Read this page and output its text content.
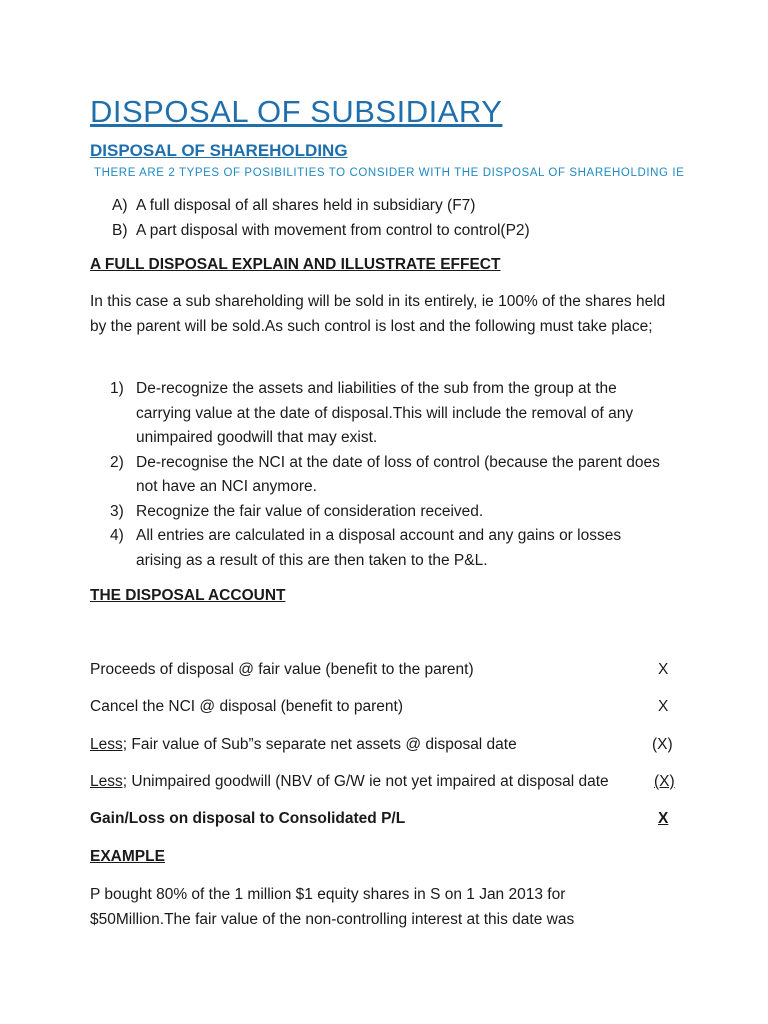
DISPOSAL OF SUBSIDIARY
DISPOSAL OF SHAREHOLDING
THERE ARE 2 TYPES OF POSIBILITIES TO CONSIDER WITH THE DISPOSAL OF SHAREHOLDING IE
A) A full disposal of all shares held in subsidiary (F7)
B) A part disposal with movement from control to control(P2)
A FULL DISPOSAL EXPLAIN AND ILLUSTRATE EFFECT
In this case a sub shareholding will be sold in its entirely, ie 100% of the shares held by the parent will be sold.As such control is lost and the following must take place;
1) De-recognize the assets and liabilities of the sub from the group at the carrying value at the date of disposal.This will include the removal of any unimpaired goodwill that may exist.
2) De-recognise the NCI at the date of loss of control (because the parent does not have an NCI anymore.
3) Recognize the fair value of consideration received.
4) All entries are calculated in a disposal account and any gains or losses arising as a result of this are then taken to the P&L.
THE DISPOSAL ACCOUNT
Proceeds of disposal @ fair value (benefit to the parent)	X
Cancel the NCI @ disposal (benefit to parent)	X
Less; Fair value of Sub”s separate net assets @ disposal date	(X)
Less; Unimpaired goodwill (NBV of G/W ie not yet impaired at disposal date	(X)
Gain/Loss on disposal to Consolidated P/L	X
EXAMPLE
P bought 80% of the 1 million $1 equity shares in S on 1 Jan 2013 for $50Million.The fair value of the non-controlling interest at this date was
